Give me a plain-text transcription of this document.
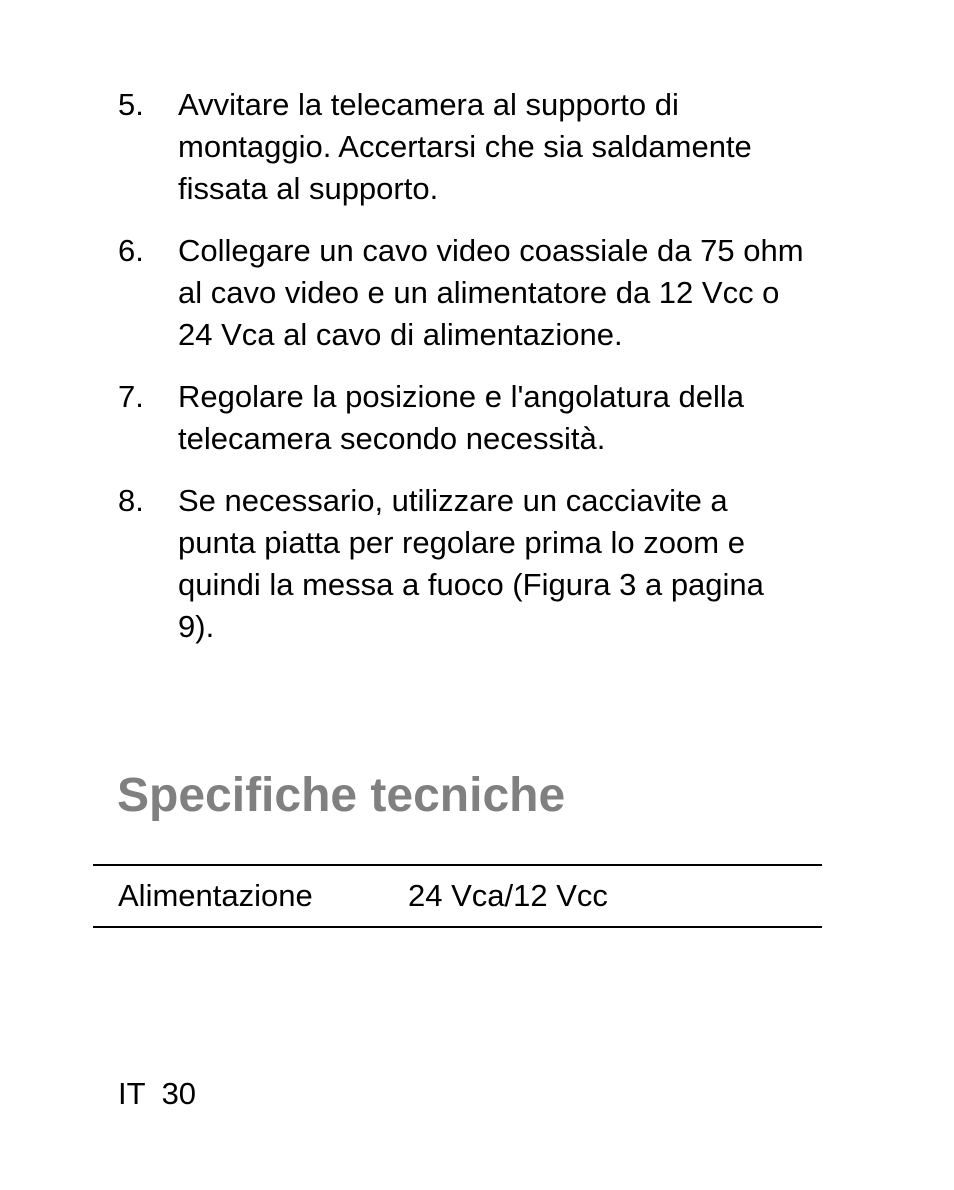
5.	Avvitare la telecamera al supporto di montaggio. Accertarsi che sia saldamente fissata al supporto.
6.	Collegare un cavo video coassiale da 75 ohm al cavo video e un alimentatore da 12 Vcc o 24 Vca al cavo di alimentazione.
7.	Regolare la posizione e l'angolatura della telecamera secondo necessità.
8.	Se necessario, utilizzare un cacciavite a punta piatta per regolare prima lo zoom e quindi la messa a fuoco (Figura 3 a pagina 9).
Specifiche tecniche
Alimentazione	24 Vca/12 Vcc
IT 30
